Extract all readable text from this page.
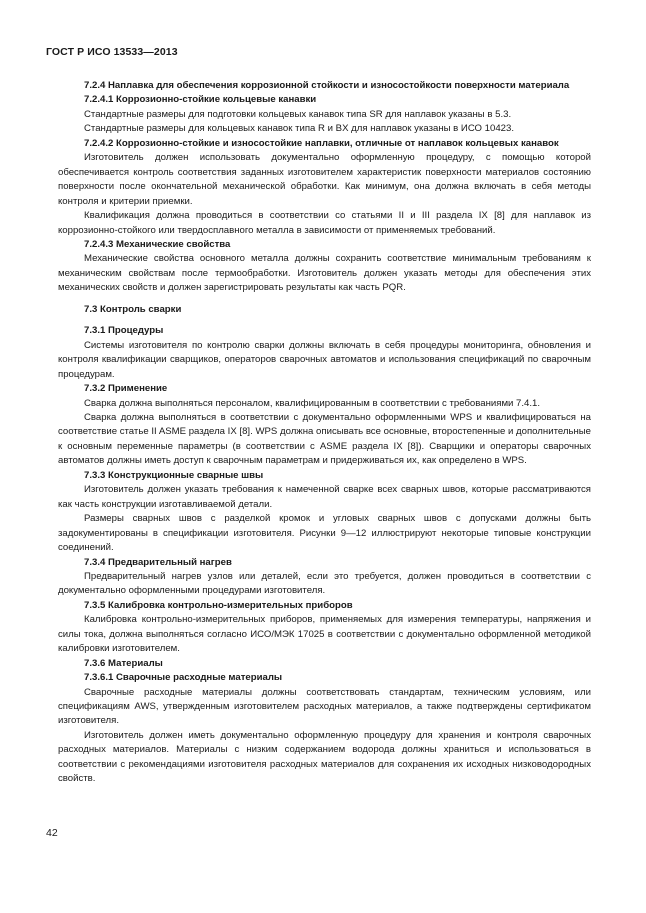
ГОСТ Р ИСО 13533—2013

7.2.4 Наплавка для обеспечения коррозионной стойкости и износостойкости поверхности материала

7.2.4.1 Коррозионно-стойкие кольцевые канавки

Стандартные размеры для подготовки кольцевых канавок типа SR для наплавок указаны в 5.3.

Стандартные размеры для кольцевых канавок типа R и BX для наплавок указаны в ИСО 10423.

7.2.4.2 Коррозионно-стойкие и износостойкие наплавки, отличные от наплавок кольцевых канавок

Изготовитель должен использовать документально оформленную процедуру, с помощью которой обеспечивается контроль соответствия заданных изготовителем характеристик поверхности материалов состоянию поверхности после окончательной механической обработки. Как минимум, она должна включать в себя методы контроля и критерии приемки.

Квалификация должна проводиться в соответствии со статьями II и III раздела IX [8] для наплавок из коррозионно-стойкого или твердосплавного металла в зависимости от применяемых требований.

7.2.4.3 Механические свойства

Механические свойства основного металла должны сохранить соответствие минимальным требованиям к механическим свойствам после термообработки. Изготовитель должен указать методы для обеспечения этих механических свойств и должен зарегистрировать результаты как часть PQR.

7.3 Контроль сварки

7.3.1 Процедуры

Системы изготовителя по контролю сварки должны включать в себя процедуры мониторинга, обновления и контроля квалификации сварщиков, операторов сварочных автоматов и использования спецификаций по сварочным процедурам.

7.3.2 Применение

Сварка должна выполняться персоналом, квалифицированным в соответствии с требованиями 7.4.1.

Сварка должна выполняться в соответствии с документально оформленными WPS и квалифицироваться на соответствие статье II ASME раздела IX [8]. WPS должна описывать все основные, второстепенные и дополнительные к основным переменные параметры (в соответствии с ASME раздела IX [8]). Сварщики и операторы сварочных автоматов должны иметь доступ к сварочным параметрам и придерживаться их, как определено в WPS.

7.3.3 Конструкционные сварные швы

Изготовитель должен указать требования к намеченной сварке всех сварных швов, которые рассматриваются как часть конструкции изготавливаемой детали.

Размеры сварных швов с разделкой кромок и угловых сварных швов с допусками должны быть задокументированы в спецификации изготовителя. Рисунки 9—12 иллюстрируют некоторые типовые конструкции соединений.

7.3.4 Предварительный нагрев

Предварительный нагрев узлов или деталей, если это требуется, должен проводиться в соответствии с документально оформленными процедурами изготовителя.

7.3.5 Калибровка контрольно-измерительных приборов

Калибровка контрольно-измерительных приборов, применяемых для измерения температуры, напряжения и силы тока, должна выполняться согласно ИСО/МЭК 17025 в соответствии с документально оформленной методикой калибровки изготовителем.

7.3.6 Материалы

7.3.6.1 Сварочные расходные материалы

Сварочные расходные материалы должны соответствовать стандартам, техническим условиям, или спецификациям AWS, утвержденным изготовителем расходных материалов, а также подтверждены сертификатом изготовителя.

Изготовитель должен иметь документально оформленную процедуру для хранения и контроля сварочных расходных материалов. Материалы с низким содержанием водорода должны храниться и использоваться в соответствии с рекомендациями изготовителя расходных материалов для сохранения их исходных низководородных свойств.

42
